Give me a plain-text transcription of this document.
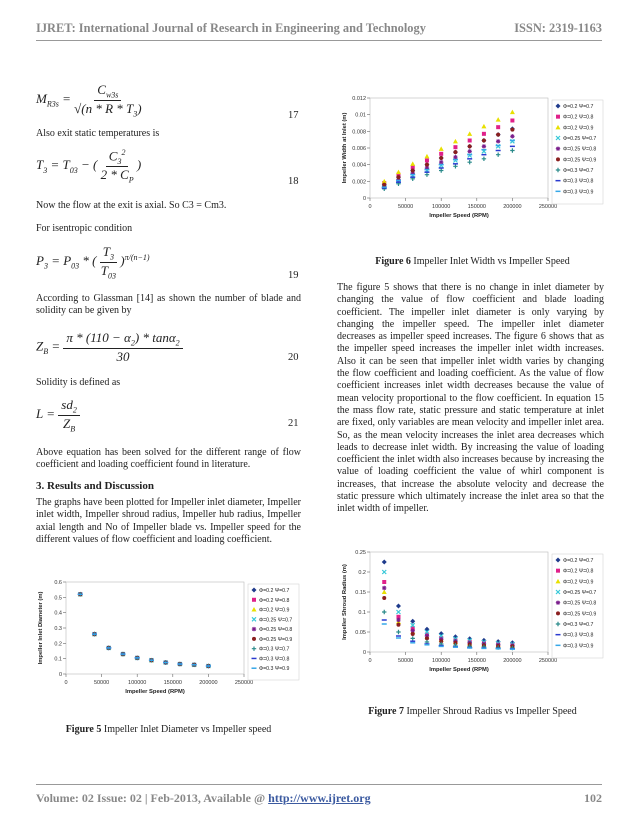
IJRET: International Journal of Research in Engineering and Technology	ISSN: 2319-1163
$M_{R3s} = \frac{C_{w3s}}{√(n * R * T_3)}$	17

Also exit static temperatures is

$T_3 = T_{03}$ − ( $\frac{C_3^2}{2 * C_P}$ )
18

Now the flow at the exit is axial. So C3 = Cm3.

For isentropic condition

$P_3 = P_{03}$ * ( $\frac{T_3}{T_{03}} )^{\pi/(n-1)}$
19

According to Glassman [14] as shown the number of blade and solidity can be given by

$Z_B = \frac{\pi * (110 - \alpha_2) * \tan\alpha_2}{30}$	20

Solidity is defined as

$L = \frac{sd_2}{Z_B}$	21

Above equation has been solved for the different range of flow coefficient and loading coefficient found in literature.

3. Results and Discussion

The graphs have been plotted for Impeller inlet diameter, Impeller inlet width, Impeller shroud radius, Impeller hub radius, Impeller axial length and No of Impeller blade vs. Impeller speed for the different values of flow coefficient and loading coefficient.

0
0.1
0.2
0.3
0.4
0.5
0.6
0	50000	100000	150000	200000	250000
Impeller Speed (RPM)
Impeller Inlet Diameter (m)
Φ=0.2 Ψ=0.7
Φ=0.2 Ψ=0.8
Φ=0.2 Ψ=0.9
Φ=0.25 Ψ=0.7
Φ=0.25 Ψ=0.8
Φ=0.25 Ψ=0.9
Φ=0.3 Ψ=0.7
Φ=0.3 Ψ=0.8
Φ=0.3 Ψ=0.9
Figure 5 Impeller Inlet Diameter vs Impeller speed
0
0.002
0.004
0.006
0.008
0.01
0.012
0	50000	100000	150000	200000	250000
Impeller Speed (RPM)
Impeller Width at Inlet (m)
Φ=0.2 Ψ=0.7
Φ=0.2 Ψ=0.8
Φ=0.2 Ψ=0.9
Φ=0.25 Ψ=0.7
Φ=0.25 Ψ=0.8
Φ=0.25 Ψ=0.9
Φ=0.3 Ψ=0.7
Φ=0.3 Ψ=0.8
Φ=0.3 Ψ=0.9
Figure 6 Impeller Inlet Width vs Impeller Speed

The figure 5 shows that there is no change in inlet diameter by changing the value of flow coefficient and blade loading coefficient. The impeller inlet diameter is only varying by changing the impeller speed. The impeller inlet diameter decreases as impeller speed increases. The figure 6 shows that as the impeller speed increases the impeller inlet width increases. Also it can be seen that impeller inlet width varies by changing the flow coefficient and loading coefficient. As the value of flow coefficient increases inlet width decreases because the value of mean velocity proportional to the flow coefficient. In equation 15 the mass flow rate, static pressure and static temperature at inlet are fixed, only variables are mean velocity and impeller inlet area. So, as the mean velocity increases the inlet area decreases which leads to decrease inlet width. By increasing the value of loading coefficient the inlet width also increases because by increasing the value of loading coefficient the value of whirl component is increases, that increase the absolute velocity and decrease the static pressure which ultimately increase the inlet area so that the inlet width of impeller.

0
0.05
0.1
0.15
0.2
0.25
0	50000	100000	150000	200000	250000
Impeller Speed (RPM)
Impeller Shroud Radius (m)
Φ=0.2 Ψ=0.7
Φ=0.2 Ψ=0.8
Φ=0.2 Ψ=0.9
Φ=0.25 Ψ=0.7
Φ=0.25 Ψ=0.8
Φ=0.25 Ψ=0.9
Φ=0.3 Ψ=0.7
Φ=0.3 Ψ=0.8
Φ=0.3 Ψ=0.9
Figure 7 Impeller Shroud Radius vs Impeller Speed
Volume: 02 Issue: 02 | Feb-2013, Available @ http://www.ijret.org	102
